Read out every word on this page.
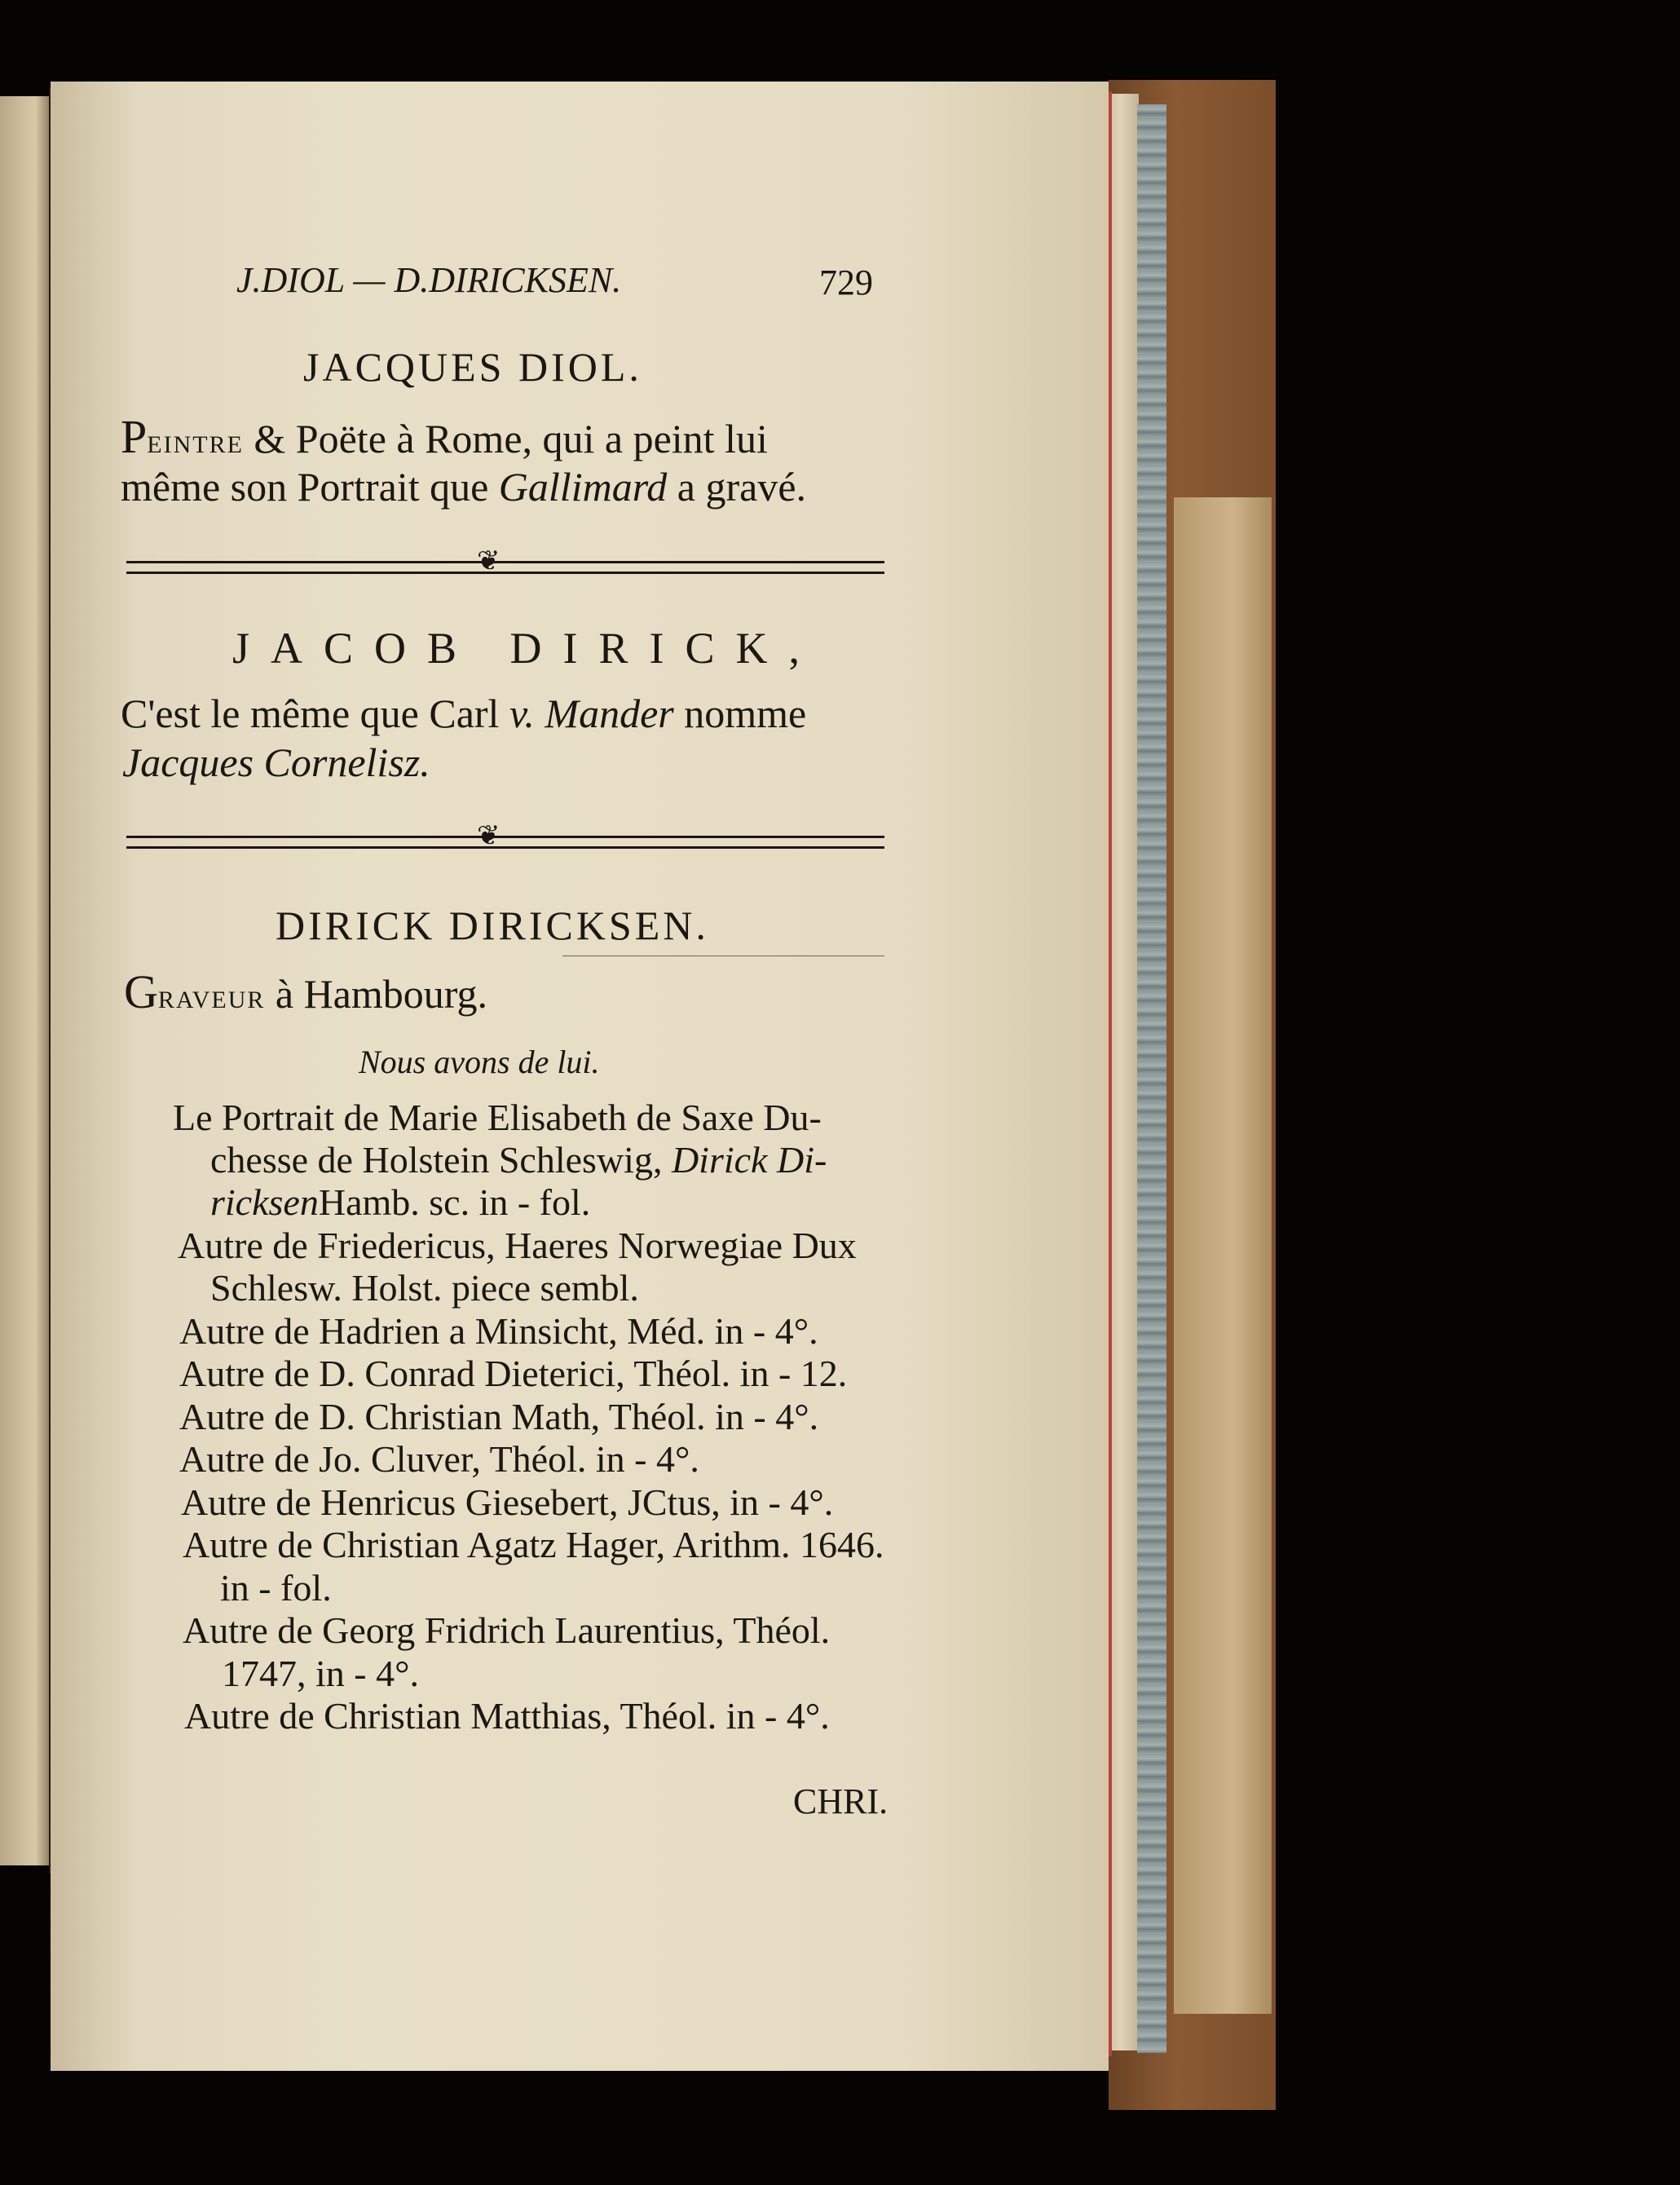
J.DIOL — D.DIRICKSEN.	729
JACQUES DIOL.
PEINTRE & Poëte à Rome, qui a peint lui
même son Portrait que Gallimard a gravé.
❦
JACOB DIRICK,
C'est le même que Carl v. Mander nomme
Jacques Cornelisz.
❦
DIRICK DIRICKSEN.
GRAVEUR à Hambourg.
Nous avons de lui.
Le Portrait de Marie Elisabeth de Saxe Du-
chesse de Holstein Schleswig, Dirick Di-
ricksenHamb. sc. in - fol.
Autre de Friedericus, Haeres Norwegiae Dux
Schlesw. Holst. piece sembl.
Autre de Hadrien a Minsicht, Méd. in - 4°.
Autre de D. Conrad Dieterici, Théol. in - 12.
Autre de D. Christian Math, Théol. in - 4°.
Autre de Jo. Cluver, Théol. in - 4°.
Autre de Henricus Giesebert, JCtus, in - 4°.
Autre de Christian Agatz Hager, Arithm. 1646.
in - fol.
Autre de Georg Fridrich Laurentius, Théol.
1747, in - 4°.
Autre de Christian Matthias, Théol. in - 4°.
CHRI.
